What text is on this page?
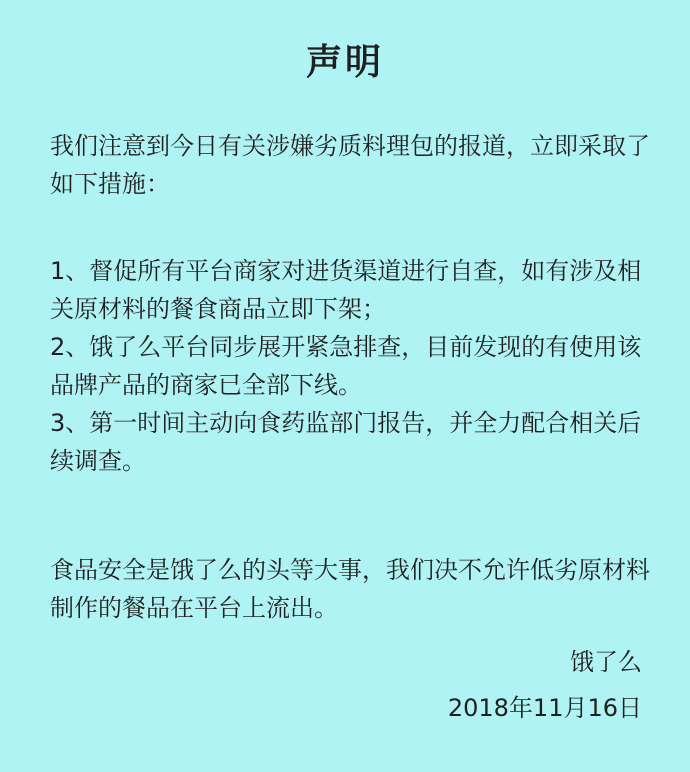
声明

我们注意到今日有关涉嫌劣质料理包的报道，立即采取了如下措施：

1、督促所有平台商家对进货渠道进行自查，如有涉及相关原材料的餐食商品立即下架；
2、饿了么平台同步展开紧急排查，目前发现的有使用该品牌产品的商家已全部下线。
3、第一时间主动向食药监部门报告，并全力配合相关后续调查。

食品安全是饿了么的头等大事，我们决不允许低劣原材料制作的餐品在平台上流出。

饿了么
2018年11月16日
